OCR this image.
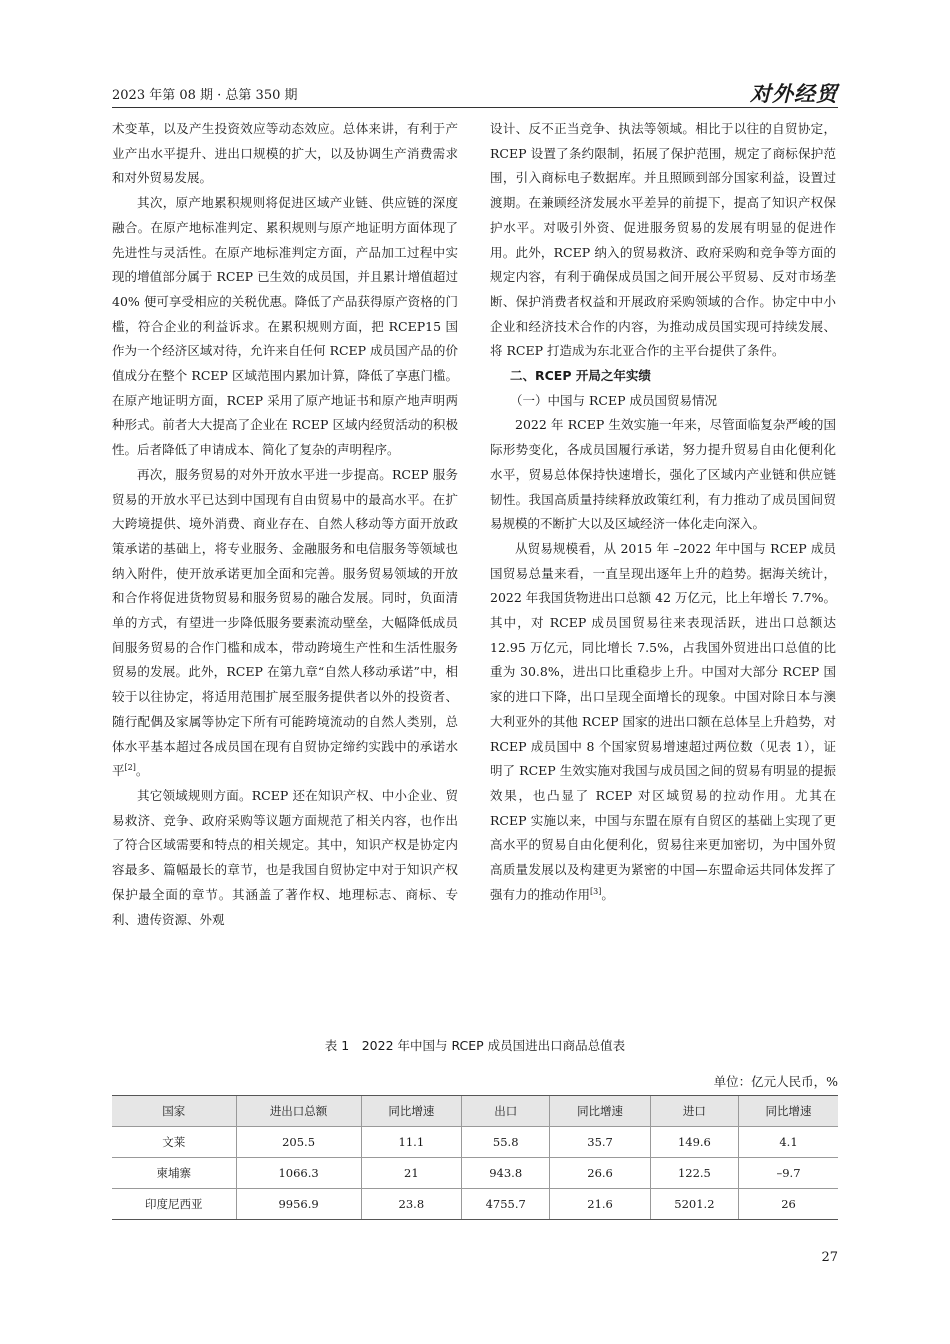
2023 年第 08 期 · 总第 350 期	对外经贸

术变革，以及产生投资效应等动态效应。总体来讲，有利于产业产出水平提升、进出口规模的扩大，以及协调生产消费需求和对外贸易发展。

其次，原产地累积规则将促进区域产业链、供应链的深度融合。在原产地标准判定、累积规则与原产地证明方面体现了先进性与灵活性。在原产地标准判定方面，产品加工过程中实现的增值部分属于 RCEP 已生效的成员国，并且累计增值超过 40% 便可享受相应的关税优惠。降低了产品获得原产资格的门槛，符合企业的利益诉求。在累积规则方面，把 RCEP15 国作为一个经济区域对待，允许来自任何 RCEP 成员国产品的价值成分在整个 RCEP 区域范围内累加计算，降低了享惠门槛。在原产地证明方面，RCEP 采用了原产地证书和原产地声明两种形式。前者大大提高了企业在 RCEP 区域内经贸活动的积极性。后者降低了申请成本、简化了复杂的声明程序。

再次，服务贸易的对外开放水平进一步提高。RCEP 服务贸易的开放水平已达到中国现有自由贸易中的最高水平。在扩大跨境提供、境外消费、商业存在、自然人移动等方面开放政策承诺的基础上，将专业服务、金融服务和电信服务等领域也纳入附件，使开放承诺更加全面和完善。服务贸易领域的开放和合作将促进货物贸易和服务贸易的融合发展。同时，负面清单的方式，有望进一步降低服务要素流动壁垒，大幅降低成员间服务贸易的合作门槛和成本，带动跨境生产性和生活性服务贸易的发展。此外，RCEP 在第九章“自然人移动承诺”中，相较于以往协定，将适用范围扩展至服务提供者以外的投资者、随行配偶及家属等协定下所有可能跨境流动的自然人类别，总体水平基本超过各成员国在现有自贸协定缔约实践中的承诺水平[2]。

其它领域规则方面。RCEP 还在知识产权、中小企业、贸易救济、竞争、政府采购等议题方面规范了相关内容，也作出了符合区域需要和特点的相关规定。其中，知识产权是协定内容最多、篇幅最长的章节，也是我国自贸协定中对于知识产权保护最全面的章节。其涵盖了著作权、地理标志、商标、专利、遗传资源、外观

设计、反不正当竞争、执法等领域。相比于以往的自贸协定，RCEP 设置了条约限制，拓展了保护范围，规定了商标保护范围，引入商标电子数据库。并且照顾到部分国家利益，设置过渡期。在兼顾经济发展水平差异的前提下，提高了知识产权保护水平。对吸引外资、促进服务贸易的发展有明显的促进作用。此外，RCEP 纳入的贸易救济、政府采购和竞争等方面的规定内容，有利于确保成员国之间开展公平贸易、反对市场垄断、保护消费者权益和开展政府采购领域的合作。协定中中小企业和经济技术合作的内容，为推动成员国实现可持续发展、将 RCEP 打造成为东北亚合作的主平台提供了条件。

二、RCEP 开局之年实绩

（一）中国与 RCEP 成员国贸易情况

2022 年 RCEP 生效实施一年来，尽管面临复杂严峻的国际形势变化，各成员国履行承诺，努力提升贸易自由化便利化水平，贸易总体保持快速增长，强化了区域内产业链和供应链韧性。我国高质量持续释放政策红利，有力推动了成员国间贸易规模的不断扩大以及区域经济一体化走向深入。

从贸易规模看，从 2015 年 –2022 年中国与 RCEP 成员国贸易总量来看，一直呈现出逐年上升的趋势。据海关统计，2022 年我国货物进出口总额 42 万亿元，比上年增长 7.7%。其中，对 RCEP 成员国贸易往来表现活跃，进出口总额达 12.95 万亿元，同比增长 7.5%，占我国外贸进出口总值的比重为 30.8%，进出口比重稳步上升。中国对大部分 RCEP 国家的进口下降，出口呈现全面增长的现象。中国对除日本与澳大利亚外的其他 RCEP 国家的进出口额在总体呈上升趋势，对 RCEP 成员国中 8 个国家贸易增速超过两位数（见表 1），证明了 RCEP 生效实施对我国与成员国之间的贸易有明显的提振效果，也凸显了 RCEP 对区域贸易的拉动作用。尤其在 RCEP 实施以来，中国与东盟在原有自贸区的基础上实现了更高水平的贸易自由化便利化，贸易往来更加密切，为中国外贸高质量发展以及构建更为紧密的中国—东盟命运共同体发挥了强有力的推动作用[3]。

表 1　2022 年中国与 RCEP 成员国进出口商品总值表
单位：亿元人民币，%
国家	进出口总额	同比增速	出口	同比增速	进口	同比增速
文莱	205.5	11.1	55.8	35.7	149.6	4.1
柬埔寨	1066.3	21	943.8	26.6	122.5	–9.7
印度尼西亚	9956.9	23.8	4755.7	21.6	5201.2	26
27
